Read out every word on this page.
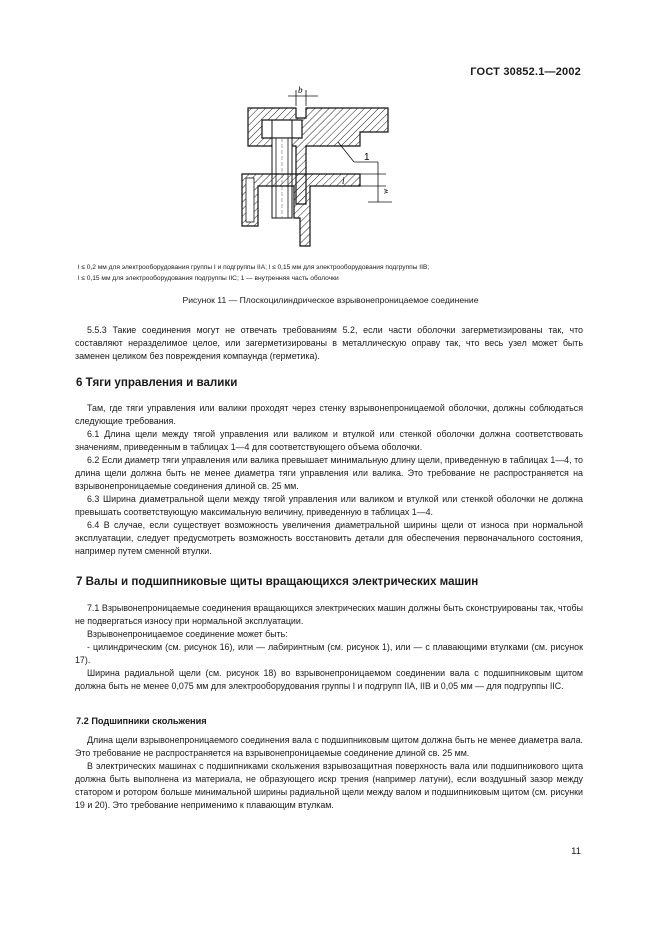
ГОСТ 30852.1—2002
b
1
l
w
l ≤ 0,2 мм для электрооборудования группы I и подгруппы IIA; l ≤ 0,15 мм для электрооборудования подгруппы IIB;
l ≤ 0,15 мм для электрооборудования подгруппы IIC; 1 — внутренняя часть оболочки
Рисунок 11 — Плоскоцилиндрическое взрывонепроницаемое соединение

5.5.3 Такие соединения могут не отвечать требованиям 5.2, если части оболочки загерметизированы так, что составляют неразделимое целое, или загерметизированы в металлическую оправу так, что весь узел может быть заменен целиком без повреждения компаунда (герметика).

6 Тяги управления и валики

Там, где тяги управления или валики проходят через стенку взрывонепроницаемой оболочки, должны соблюдаться следующие требования.

6.1 Длина щели между тягой управления или валиком и втулкой или стенкой оболочки должна соответствовать значениям, приведенным в таблицах 1—4 для соответствующего объема оболочки.

6.2 Если диаметр тяги управления или валика превышает минимальную длину щели, приведенную в таблицах 1—4, то длина щели должна быть не менее диаметра тяги управления или валика. Это требование не распространяется на взрывонепроницаемые соединения длиной св. 25 мм.

6.3 Ширина диаметральной щели между тягой управления или валиком и втулкой или стенкой оболочки не должна превышать соответствующую максимальную величину, приведенную в таблицах 1—4.

6.4 В случае, если существует возможность увеличения диаметральной ширины щели от износа при нормальной эксплуатации, следует предусмотреть возможность восстановить детали для обеспечения первоначального состояния, например путем сменной втулки.

7 Валы и подшипниковые щиты вращающихся электрических машин

7.1 Взрывонепроницаемые соединения вращающихся электрических машин должны быть сконструированы так, чтобы не подвергаться износу при нормальной эксплуатации.

Взрывонепроницаемое соединение может быть:

- цилиндрическим (см. рисунок 16), или — лабиринтным (см. рисунок 1), или — с плавающими втулками (см. рисунок 17).

Ширина радиальной щели (см. рисунок 18) во взрывонепроницаемом соединении вала с подшипниковым щитом должна быть не менее 0,075 мм для электрооборудования группы I и подгрупп IIA, IIB и 0,05 мм — для подгруппы IIC.

7.2 Подшипники скольжения

Длина щели взрывонепроницаемого соединения вала с подшипниковым щитом должна быть не менее диаметра вала. Это требование не распространяется на взрывонепроницаемые соединение длиной св. 25 мм.

В электрических машинах с подшипниками скольжения взрывозащитная поверхность вала или подшипникового щита должна быть выполнена из материала, не образующего искр трения (например латуни), если воздушный зазор между статором и ротором больше минимальной ширины радиальной щели между валом и подшипниковым щитом (см. рисунки 19 и 20). Это требование неприменимо к плавающим втулкам.

11
